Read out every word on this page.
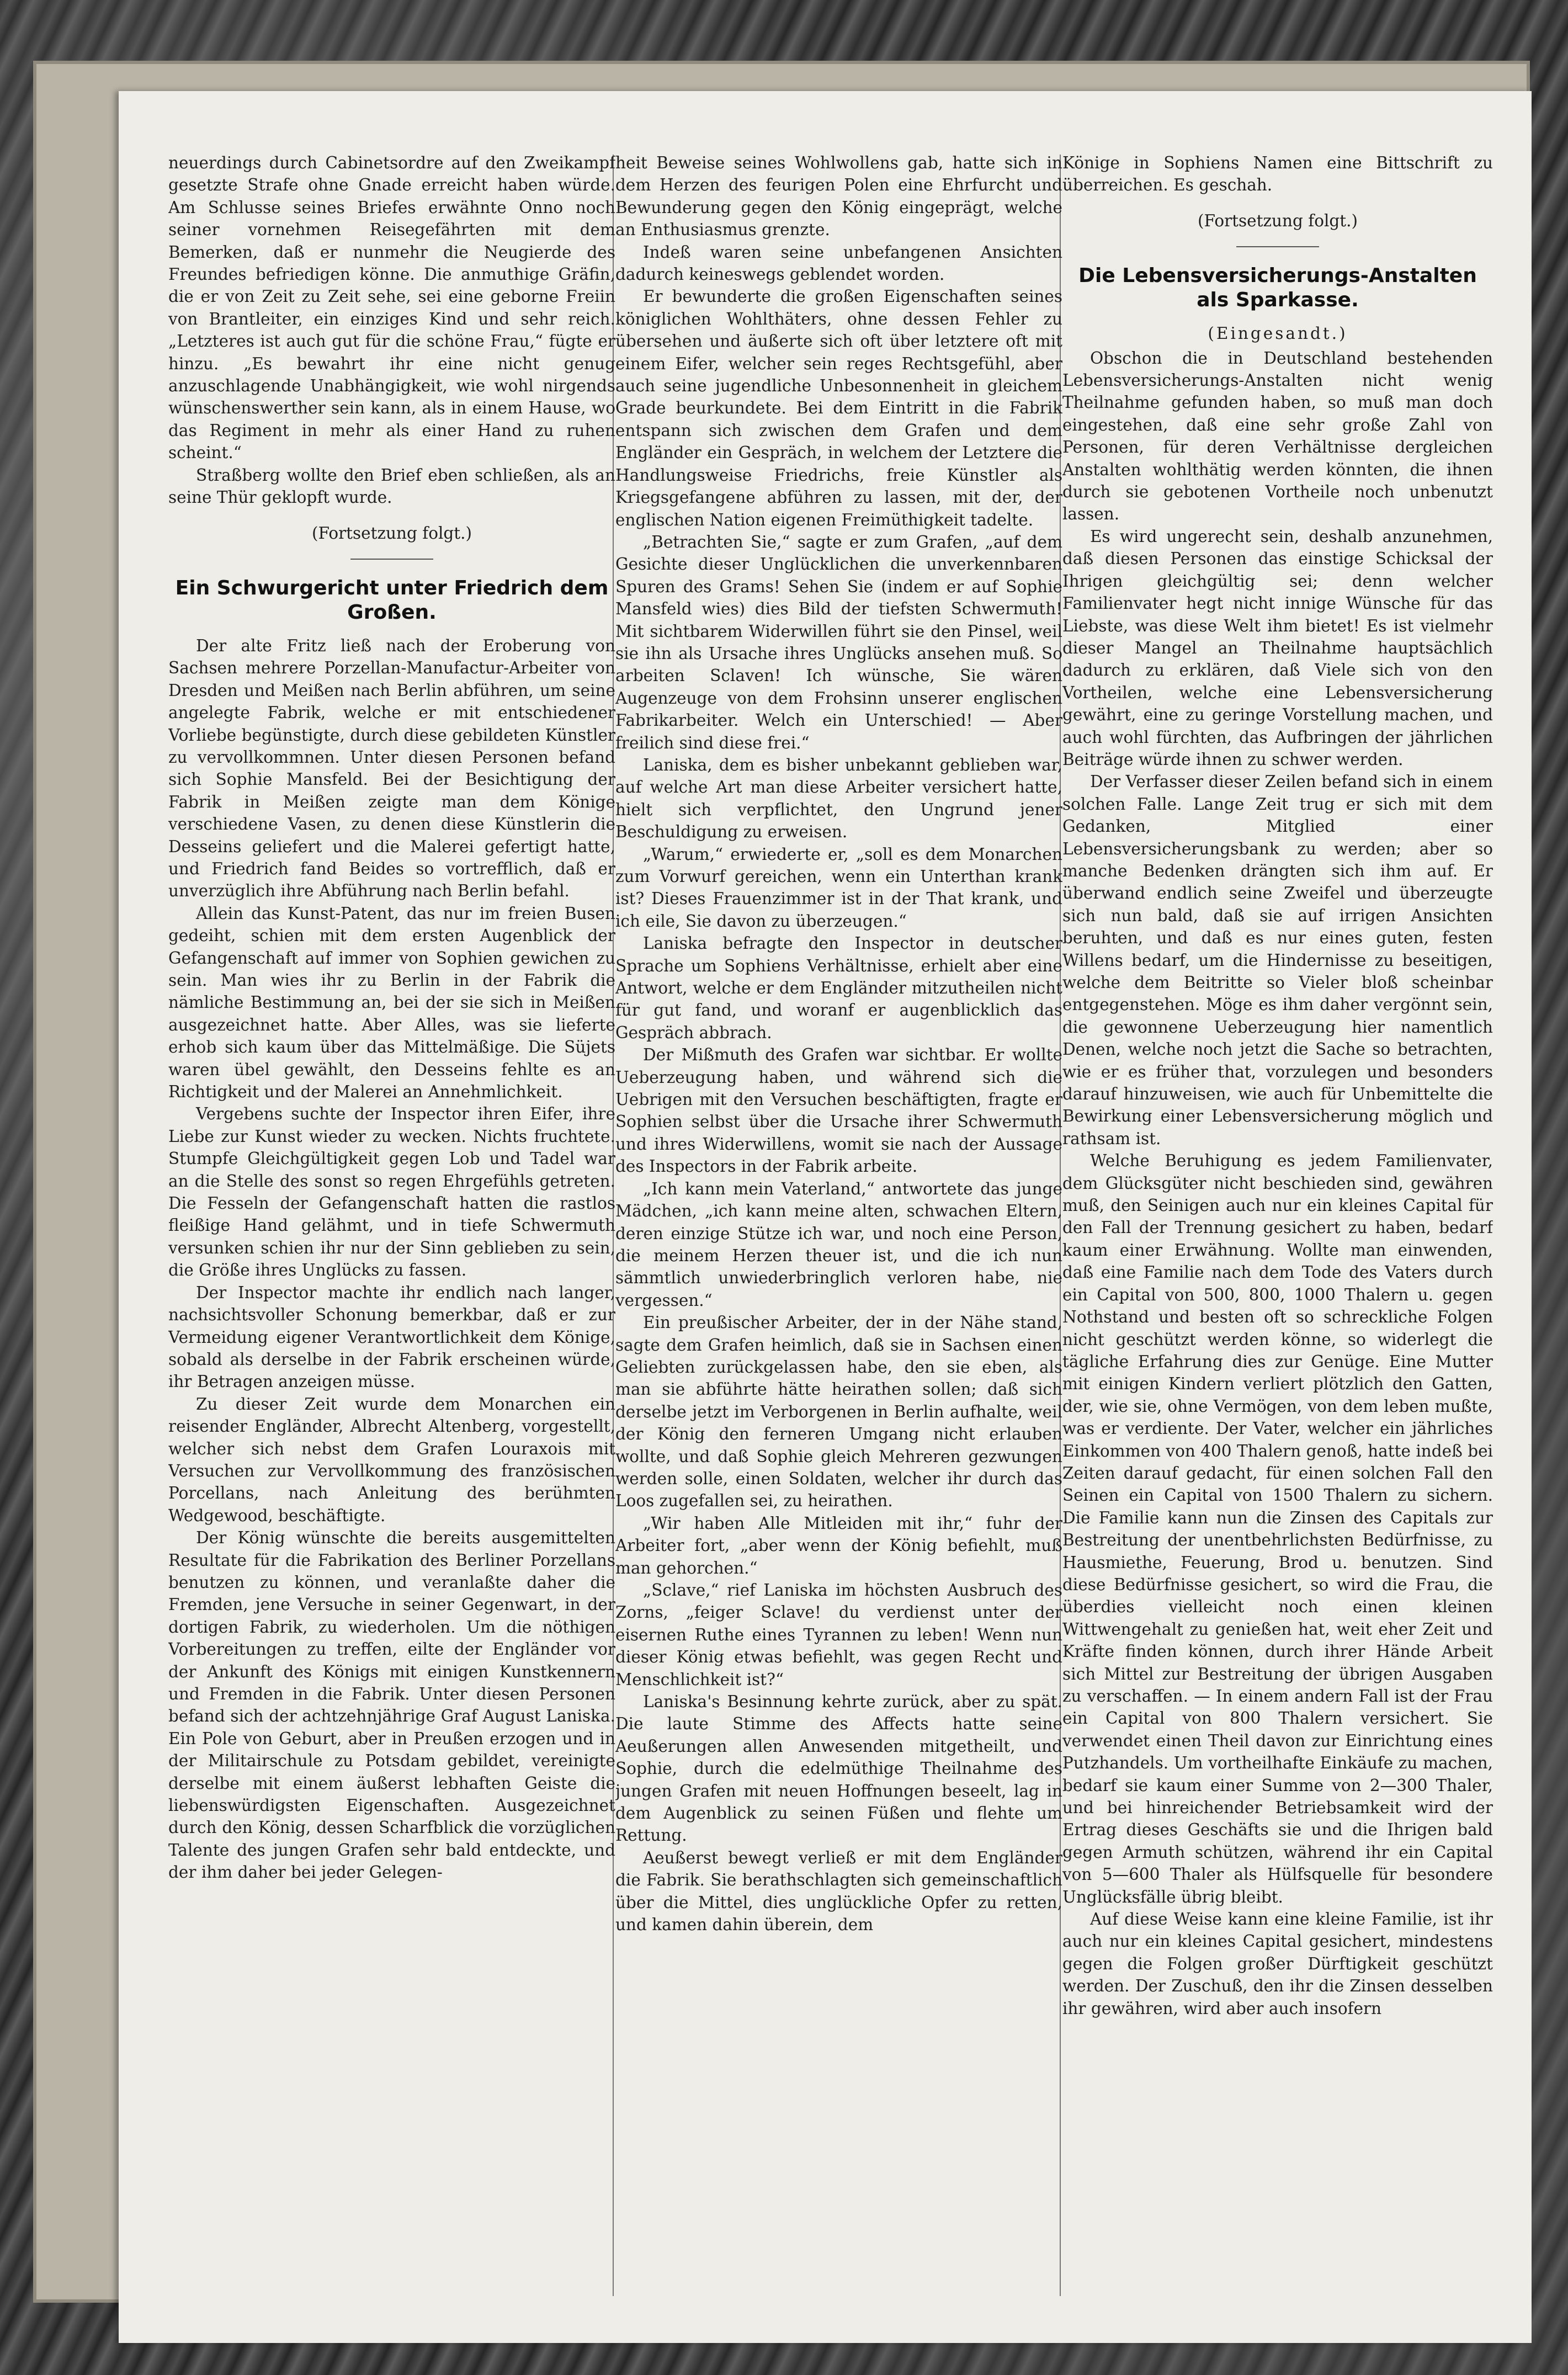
neuerdings durch Cabinetsordre auf den Zweikampf gesetzte Strafe ohne Gnade erreicht haben würde. Am Schlusse seines Briefes erwähnte Onno noch seiner vornehmen Reisegefährten mit dem Bemerken, daß er nunmehr die Neugierde des Freundes befriedigen könne. Die anmuthige Gräfin, die er von Zeit zu Zeit sehe, sei eine geborne Freiin von Brantleiter, ein einziges Kind und sehr reich. „Letzteres ist auch gut für die schöne Frau,“ fügte er hinzu. „Es bewahrt ihr eine nicht genug anzuschlagende Unabhängigkeit, wie wohl nirgends wünschenswerther sein kann, als in einem Hause, wo das Regiment in mehr als einer Hand zu ruhen scheint.“

Straßberg wollte den Brief eben schließen, als an seine Thür geklopft wurde.

(Fortsetzung folgt.)

Ein Schwurgericht unter Friedrich dem Großen.

Der alte Fritz ließ nach der Eroberung von Sachsen mehrere Porzellan-Manufactur-Arbeiter von Dresden und Meißen nach Berlin abführen, um seine angelegte Fabrik, welche er mit entschiedener Vorliebe begünstigte, durch diese gebildeten Künstler zu vervollkommnen. Unter diesen Personen befand sich Sophie Mansfeld. Bei der Besichtigung der Fabrik in Meißen zeigte man dem Könige verschiedene Vasen, zu denen diese Künstlerin die Desseins geliefert und die Malerei gefertigt hatte, und Friedrich fand Beides so vortrefflich, daß er unverzüglich ihre Abführung nach Berlin befahl.

Allein das Kunst-Patent, das nur im freien Busen gedeiht, schien mit dem ersten Augenblick der Gefangenschaft auf immer von Sophien gewichen zu sein. Man wies ihr zu Berlin in der Fabrik die nämliche Bestimmung an, bei der sie sich in Meißen ausgezeichnet hatte. Aber Alles, was sie lieferte erhob sich kaum über das Mittelmäßige. Die Süjets waren übel gewählt, den Desseins fehlte es an Richtigkeit und der Malerei an Annehmlichkeit.

Vergebens suchte der Inspector ihren Eifer, ihre Liebe zur Kunst wieder zu wecken. Nichts fruchtete. Stumpfe Gleichgültigkeit gegen Lob und Tadel war an die Stelle des sonst so regen Ehrgefühls getreten. Die Fesseln der Gefangenschaft hatten die rastlos fleißige Hand gelähmt, und in tiefe Schwermuth versunken schien ihr nur der Sinn geblieben zu sein, die Größe ihres Unglücks zu fassen.

Der Inspector machte ihr endlich nach langer, nachsichtsvoller Schonung bemerkbar, daß er zur Vermeidung eigener Verantwortlichkeit dem Könige, sobald als derselbe in der Fabrik erscheinen würde, ihr Betragen anzeigen müsse.

Zu dieser Zeit wurde dem Monarchen ein reisender Engländer, Albrecht Altenberg, vorgestellt, welcher sich nebst dem Grafen Louraxois mit Versuchen zur Vervollkommung des französischen Porcellans, nach Anleitung des berühmten Wedgewood, beschäftigte.

Der König wünschte die bereits ausgemittelten Resultate für die Fabrikation des Berliner Porzellans benutzen zu können, und veranlaßte daher die Fremden, jene Versuche in seiner Gegenwart, in der dortigen Fabrik, zu wiederholen. Um die nöthigen Vorbereitungen zu treffen, eilte der Engländer vor der Ankunft des Königs mit einigen Kunstkennern und Fremden in die Fabrik. Unter diesen Personen befand sich der achtzehnjährige Graf August Laniska. Ein Pole von Geburt, aber in Preußen erzogen und in der Militairschule zu Potsdam gebildet, vereinigte derselbe mit einem äußerst lebhaften Geiste die liebenswürdigsten Eigenschaften. Ausgezeichnet durch den König, dessen Scharfblick die vorzüglichen Talente des jungen Grafen sehr bald entdeckte, und der ihm daher bei jeder Gelegen-

heit Beweise seines Wohlwollens gab, hatte sich in dem Herzen des feurigen Polen eine Ehrfurcht und Bewunderung gegen den König eingeprägt, welche an Enthusiasmus grenzte.

Indeß waren seine unbefangenen Ansichten dadurch keineswegs geblendet worden.

Er bewunderte die großen Eigenschaften seines königlichen Wohlthäters, ohne dessen Fehler zu übersehen und äußerte sich oft über letztere oft mit einem Eifer, welcher sein reges Rechtsgefühl, aber auch seine jugendliche Unbesonnenheit in gleichem Grade beurkundete. Bei dem Eintritt in die Fabrik entspann sich zwischen dem Grafen und dem Engländer ein Gespräch, in welchem der Letztere die Handlungsweise Friedrichs, freie Künstler als Kriegsgefangene abführen zu lassen, mit der, der englischen Nation eigenen Freimüthigkeit tadelte.

„Betrachten Sie,“ sagte er zum Grafen, „auf dem Gesichte dieser Unglücklichen die unverkennbaren Spuren des Grams! Sehen Sie (indem er auf Sophie Mansfeld wies) dies Bild der tiefsten Schwermuth! Mit sichtbarem Widerwillen führt sie den Pinsel, weil sie ihn als Ursache ihres Unglücks ansehen muß. So arbeiten Sclaven! Ich wünsche, Sie wären Augenzeuge von dem Frohsinn unserer englischen Fabrikarbeiter. Welch ein Unterschied! — Aber freilich sind diese frei.“

Laniska, dem es bisher unbekannt geblieben war, auf welche Art man diese Arbeiter versichert hatte, hielt sich verpflichtet, den Ungrund jener Beschuldigung zu erweisen.

„Warum,“ erwiederte er, „soll es dem Monarchen zum Vorwurf gereichen, wenn ein Unterthan krank ist? Dieses Frauenzimmer ist in der That krank, und ich eile, Sie davon zu überzeugen.“

Laniska befragte den Inspector in deutscher Sprache um Sophiens Verhältnisse, erhielt aber eine Antwort, welche er dem Engländer mitzutheilen nicht für gut fand, und woranf er augenblicklich das Gespräch abbrach.

Der Mißmuth des Grafen war sichtbar. Er wollte Ueberzeugung haben, und während sich die Uebrigen mit den Versuchen beschäftigten, fragte er Sophien selbst über die Ursache ihrer Schwermuth und ihres Widerwillens, womit sie nach der Aussage des Inspectors in der Fabrik arbeite.

„Ich kann mein Vaterland,“ antwortete das junge Mädchen, „ich kann meine alten, schwachen Eltern, deren einzige Stütze ich war, und noch eine Person, die meinem Herzen theuer ist, und die ich nun sämmtlich unwiederbringlich verloren habe, nie vergessen.“

Ein preußischer Arbeiter, der in der Nähe stand, sagte dem Grafen heimlich, daß sie in Sachsen einen Geliebten zurückgelassen habe, den sie eben, als man sie abführte hätte heirathen sollen; daß sich derselbe jetzt im Verborgenen in Berlin aufhalte, weil der König den ferneren Umgang nicht erlauben wollte, und daß Sophie gleich Mehreren gezwungen werden solle, einen Soldaten, welcher ihr durch das Loos zugefallen sei, zu heirathen.

„Wir haben Alle Mitleiden mit ihr,“ fuhr der Arbeiter fort, „aber wenn der König befiehlt, muß man gehorchen.“

„Sclave,“ rief Laniska im höchsten Ausbruch des Zorns, „feiger Sclave! du verdienst unter der eisernen Ruthe eines Tyrannen zu leben! Wenn nun dieser König etwas befiehlt, was gegen Recht und Menschlichkeit ist?“

Laniska's Besinnung kehrte zurück, aber zu spät. Die laute Stimme des Affects hatte seine Aeußerungen allen Anwesenden mitgetheilt, und Sophie, durch die edelmüthige Theilnahme des jungen Grafen mit neuen Hoffnungen beseelt, lag in dem Augenblick zu seinen Füßen und flehte um Rettung.

Aeußerst bewegt verließ er mit dem Engländer die Fabrik. Sie berathschlagten sich gemeinschaftlich über die Mittel, dies unglückliche Opfer zu retten, und kamen dahin überein, dem

Könige in Sophiens Namen eine Bittschrift zu überreichen. Es geschah.

(Fortsetzung folgt.)

Die Lebensversicherungs-Anstalten als Sparkasse.

(Eingesandt.)

Obschon die in Deutschland bestehenden Lebensversicherungs-Anstalten nicht wenig Theilnahme gefunden haben, so muß man doch eingestehen, daß eine sehr große Zahl von Personen, für deren Verhältnisse dergleichen Anstalten wohlthätig werden könnten, die ihnen durch sie gebotenen Vortheile noch unbenutzt lassen.

Es wird ungerecht sein, deshalb anzunehmen, daß diesen Personen das einstige Schicksal der Ihrigen gleichgültig sei; denn welcher Familienvater hegt nicht innige Wünsche für das Liebste, was diese Welt ihm bietet! Es ist vielmehr dieser Mangel an Theilnahme hauptsächlich dadurch zu erklären, daß Viele sich von den Vortheilen, welche eine Lebensversicherung gewährt, eine zu geringe Vorstellung machen, und auch wohl fürchten, das Aufbringen der jährlichen Beiträge würde ihnen zu schwer werden.

Der Verfasser dieser Zeilen befand sich in einem solchen Falle. Lange Zeit trug er sich mit dem Gedanken, Mitglied einer Lebensversicherungsbank zu werden; aber so manche Bedenken drängten sich ihm auf. Er überwand endlich seine Zweifel und überzeugte sich nun bald, daß sie auf irrigen Ansichten beruhten, und daß es nur eines guten, festen Willens bedarf, um die Hindernisse zu beseitigen, welche dem Beitritte so Vieler bloß scheinbar entgegenstehen. Möge es ihm daher vergönnt sein, die gewonnene Ueberzeugung hier namentlich Denen, welche noch jetzt die Sache so betrachten, wie er es früher that, vorzulegen und besonders darauf hinzuweisen, wie auch für Unbemittelte die Bewirkung einer Lebensversicherung möglich und rathsam ist.

Welche Beruhigung es jedem Familienvater, dem Glücksgüter nicht beschieden sind, gewähren muß, den Seinigen auch nur ein kleines Capital für den Fall der Trennung gesichert zu haben, bedarf kaum einer Erwähnung. Wollte man einwenden, daß eine Familie nach dem Tode des Vaters durch ein Capital von 500, 800, 1000 Thalern u. gegen Nothstand und besten oft so schreckliche Folgen nicht geschützt werden könne, so widerlegt die tägliche Erfahrung dies zur Genüge. Eine Mutter mit einigen Kindern verliert plötzlich den Gatten, der, wie sie, ohne Vermögen, von dem leben mußte, was er verdiente. Der Vater, welcher ein jährliches Einkommen von 400 Thalern genoß, hatte indeß bei Zeiten darauf gedacht, für einen solchen Fall den Seinen ein Capital von 1500 Thalern zu sichern. Die Familie kann nun die Zinsen des Capitals zur Bestreitung der unentbehrlichsten Bedürfnisse, zu Hausmiethe, Feuerung, Brod u. benutzen. Sind diese Bedürfnisse gesichert, so wird die Frau, die überdies vielleicht noch einen kleinen Wittwengehalt zu genießen hat, weit eher Zeit und Kräfte finden können, durch ihrer Hände Arbeit sich Mittel zur Bestreitung der übrigen Ausgaben zu verschaffen. — In einem andern Fall ist der Frau ein Capital von 800 Thalern versichert. Sie verwendet einen Theil davon zur Einrichtung eines Putzhandels. Um vortheilhafte Einkäufe zu machen, bedarf sie kaum einer Summe von 2—300 Thaler, und bei hinreichender Betriebsamkeit wird der Ertrag dieses Geschäfts sie und die Ihrigen bald gegen Armuth schützen, während ihr ein Capital von 5—600 Thaler als Hülfsquelle für besondere Unglücksfälle übrig bleibt.

Auf diese Weise kann eine kleine Familie, ist ihr auch nur ein kleines Capital gesichert, mindestens gegen die Folgen großer Dürftigkeit geschützt werden. Der Zuschuß, den ihr die Zinsen desselben ihr gewähren, wird aber auch insofern
